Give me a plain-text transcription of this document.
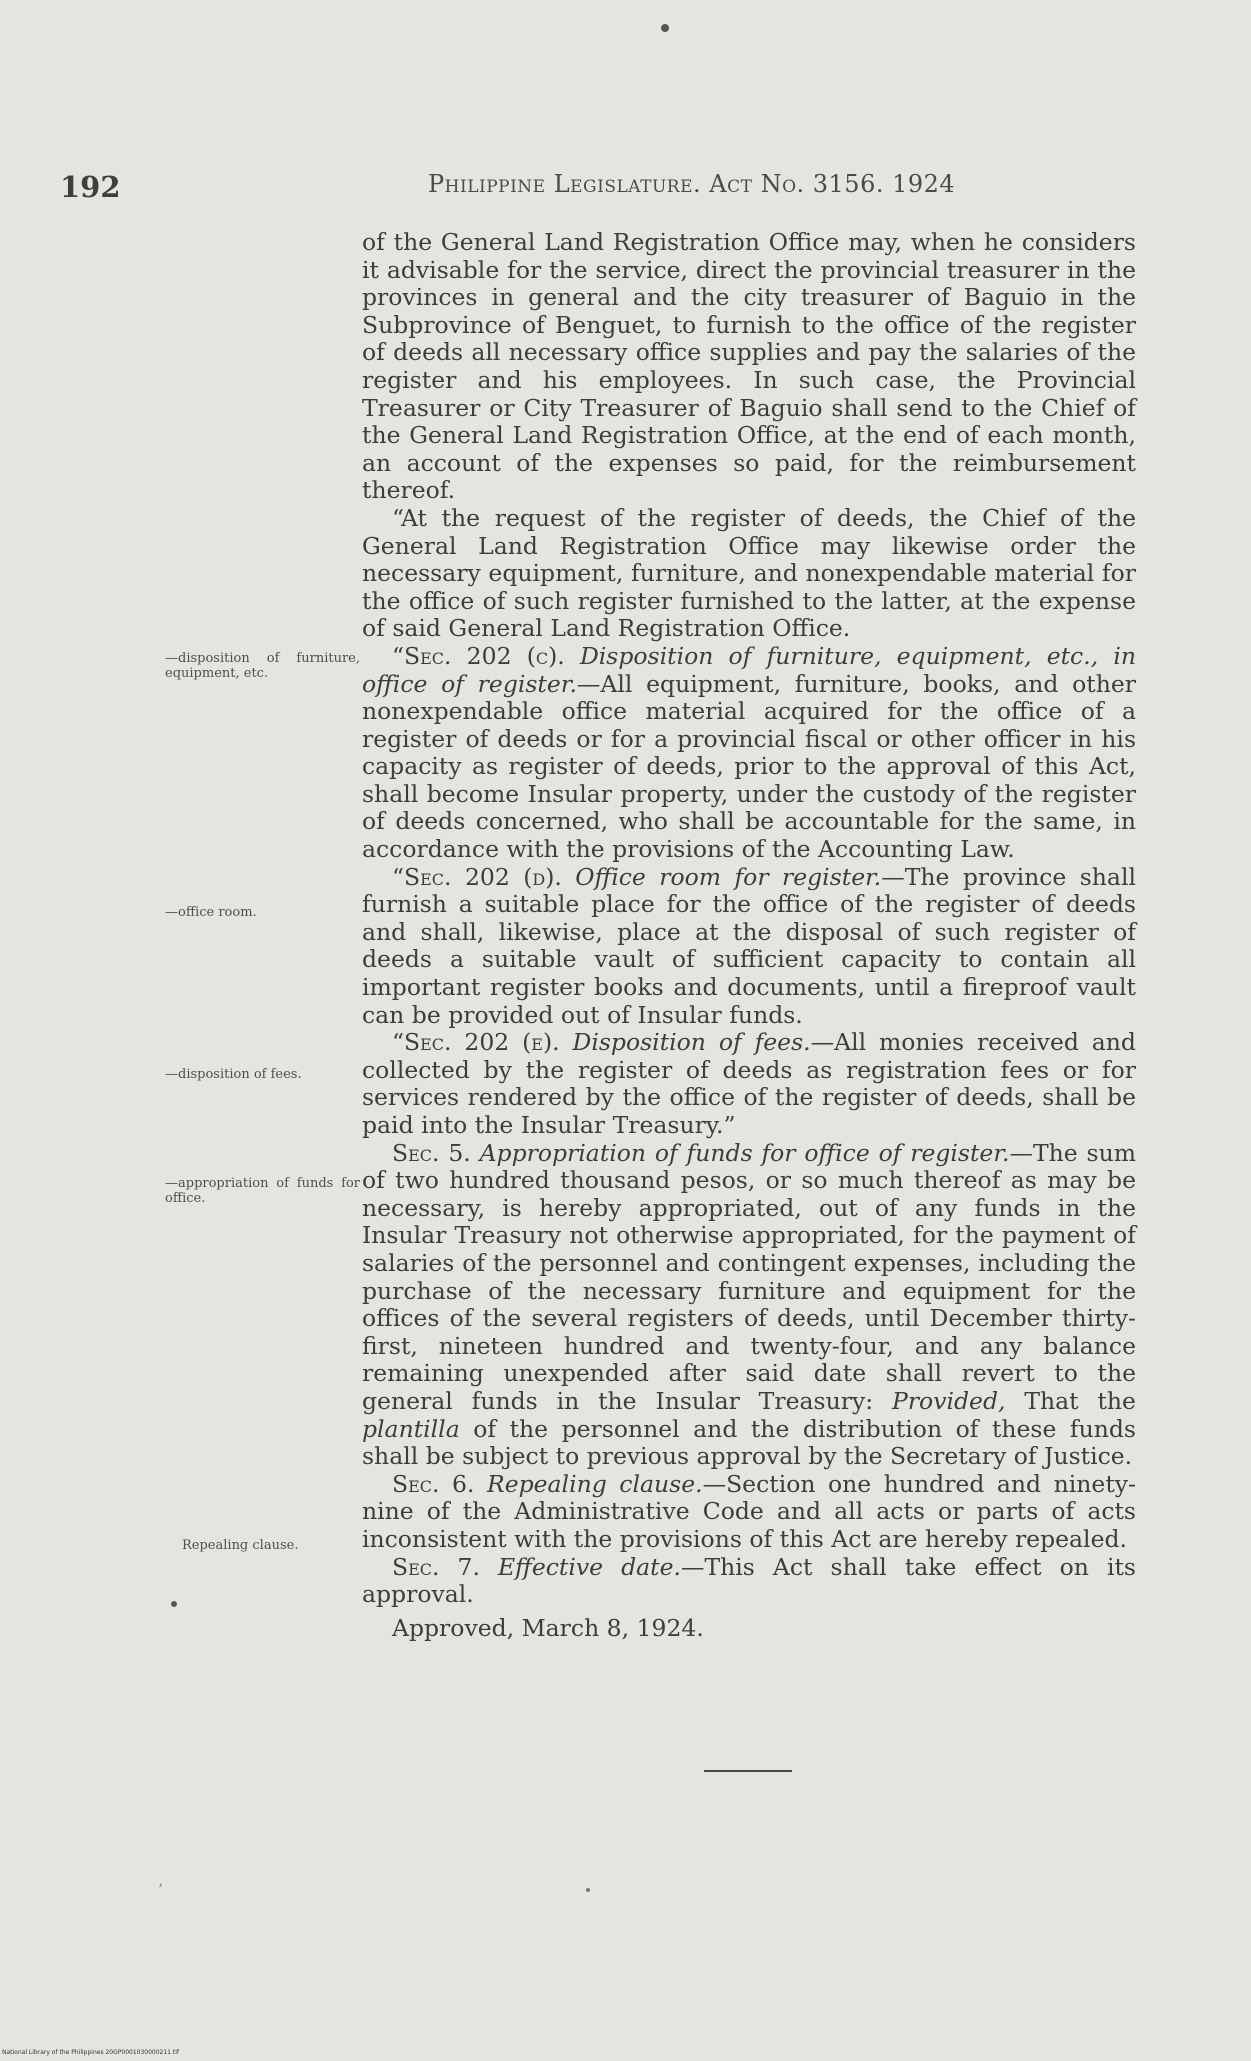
192	Philippine Legislature. Act No. 3156. 1924
—disposition of furniture, equipment, etc.
—office room.
—disposition of fees.
—appropriation of funds for office.
Repealing clause.

of the General Land Registration Office may, when he considers it advisable for the service, direct the provincial treasurer in the provinces in general and the city treasurer of Baguio in the Subprovince of Benguet, to furnish to the office of the register of deeds all necessary office supplies and pay the salaries of the register and his employees. In such case, the Provincial Treasurer or City Treasurer of Baguio shall send to the Chief of the General Land Registration Office, at the end of each month, an account of the expenses so paid, for the reimbursement thereof.

“At the request of the register of deeds, the Chief of the General Land Registration Office may likewise order the necessary equipment, furniture, and nonexpendable material for the office of such register furnished to the latter, at the expense of said General Land Registration Office.

“Sec. 202 (c). Disposition of furniture, equipment, etc., in office of register.—All equipment, furniture, books, and other nonexpendable office material acquired for the office of a register of deeds or for a provincial fiscal or other officer in his capacity as register of deeds, prior to the approval of this Act, shall become Insular property, under the custody of the register of deeds concerned, who shall be accountable for the same, in accordance with the provisions of the Accounting Law.

“Sec. 202 (d). Office room for register.—The province shall furnish a suitable place for the office of the register of deeds and shall, likewise, place at the disposal of such register of deeds a suitable vault of sufficient capacity to contain all important register books and documents, until a fireproof vault can be provided out of Insular funds.

“Sec. 202 (e). Disposition of fees.—All monies received and collected by the register of deeds as registration fees or for services rendered by the office of the register of deeds, shall be paid into the Insular Treasury.”

Sec. 5. Appropriation of funds for office of register.—The sum of two hundred thousand pesos, or so much thereof as may be necessary, is hereby appropriated, out of any funds in the Insular Treasury not otherwise appropriated, for the payment of salaries of the personnel and contingent expenses, including the purchase of the necessary furniture and equipment for the offices of the several registers of deeds, until December thirty-first, nineteen hundred and twenty-four, and any balance remaining unexpended after said date shall revert to the general funds in the Insular Treasury: Provided, That the plantilla of the personnel and the distribution of these funds shall be subject to previous approval by the Secretary of Justice.

Sec. 6. Repealing clause.—Section one hundred and ninety-nine of the Administrative Code and all acts or parts of acts inconsistent with the provisions of this Act are hereby repealed.

Sec. 7. Effective date.—This Act shall take effect on its approval.

Approved, March 8, 1924.

’
National Library of the Philippines 20GP0001030000211.tif
